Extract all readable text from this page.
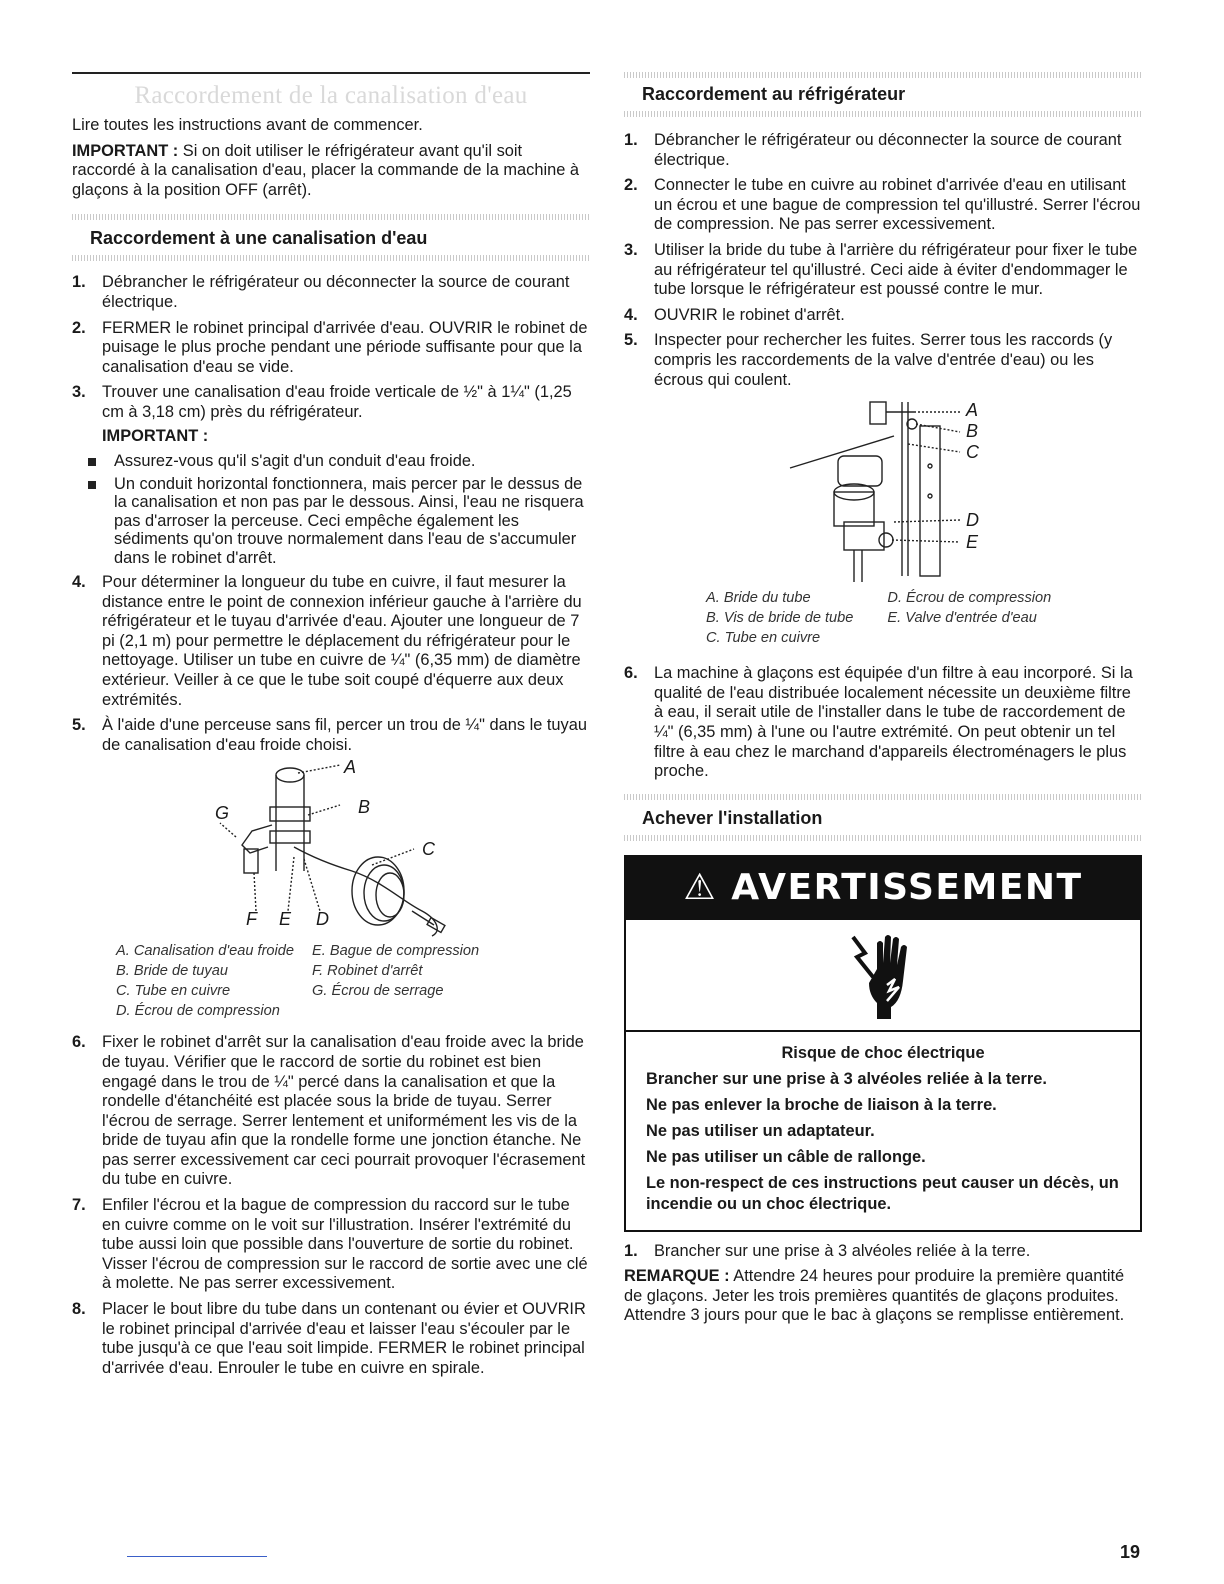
Raccordement de la canalisation d'eau

Lire toutes les instructions avant de commencer.

IMPORTANT : Si on doit utiliser le réfrigérateur avant qu'il soit raccordé à la canalisation d'eau, placer la commande de la machine à glaçons à la position OFF (arrêt).

Raccordement à une canalisation d'eau
1. Débrancher le réfrigérateur ou déconnecter la source de courant électrique.
2. FERMER le robinet principal d'arrivée d'eau. OUVRIR le robinet de puisage le plus proche pendant une période suffisante pour que la canalisation d'eau se vide.
3. Trouver une canalisation d'eau froide verticale de ½" à 1¼" (1,25 cm à 3,18 cm) près du réfrigérateur.
IMPORTANT :
Assurez-vous qu'il s'agit d'un conduit d'eau froide.
Un conduit horizontal fonctionnera, mais percer par le dessus de la canalisation et non pas par le dessous. Ainsi, l'eau ne risquera pas d'arroser la perceuse. Ceci empêche également les sédiments qu'on trouve normalement dans l'eau de s'accumuler dans le robinet d'arrêt.
4. Pour déterminer la longueur du tube en cuivre, il faut mesurer la distance entre le point de connexion inférieur gauche à l'arrière du réfrigérateur et le tuyau d'arrivée d'eau. Ajouter une longueur de 7 pi (2,1 m) pour permettre le déplacement du réfrigérateur pour le nettoyage. Utiliser un tube en cuivre de ¼" (6,35 mm) de diamètre extérieur. Veiller à ce que le tube soit coupé d'équerre aux deux extrémités.
5. À l'aide d'une perceuse sans fil, percer un trou de ¼" dans le tuyau de canalisation d'eau froide choisi.
A
B
C
G
F E D
A. Canalisation d'eau froide
B. Bride de tuyau
C. Tube en cuivre
D. Écrou de compression
E. Bague de compression
F. Robinet d'arrêt
G. Écrou de serrage
6. Fixer le robinet d'arrêt sur la canalisation d'eau froide avec la bride de tuyau. Vérifier que le raccord de sortie du robinet est bien engagé dans le trou de ¼" percé dans la canalisation et que la rondelle d'étanchéité est placée sous la bride de tuyau. Serrer l'écrou de serrage. Serrer lentement et uniformément les vis de la bride de tuyau afin que la rondelle forme une jonction étanche. Ne pas serrer excessivement car ceci pourrait provoquer l'écrasement du tube en cuivre.
7. Enfiler l'écrou et la bague de compression du raccord sur le tube en cuivre comme on le voit sur l'illustration. Insérer l'extrémité du tube aussi loin que possible dans l'ouverture de sortie du robinet. Visser l'écrou de compression sur le raccord de sortie avec une clé à molette. Ne pas serrer excessivement.
8. Placer le bout libre du tube dans un contenant ou évier et OUVRIR le robinet principal d'arrivée d'eau et laisser l'eau s'écouler par le tube jusqu'à ce que l'eau soit limpide. FERMER le robinet principal d'arrivée d'eau. Enrouler le tube en cuivre en spirale.
Raccordement au réfrigérateur
1. Débrancher le réfrigérateur ou déconnecter la source de courant électrique.
2. Connecter le tube en cuivre au robinet d'arrivée d'eau en utilisant un écrou et une bague de compression tel qu'illustré. Serrer l'écrou de compression. Ne pas serrer excessivement.
3. Utiliser la bride du tube à l'arrière du réfrigérateur pour fixer le tube au réfrigérateur tel qu'illustré. Ceci aide à éviter d'endommager le tube lorsque le réfrigérateur est poussé contre le mur.
4. OUVRIR le robinet d'arrêt.
5. Inspecter pour rechercher les fuites. Serrer tous les raccords (y compris les raccordements de la valve d'entrée d'eau) ou les écrous qui coulent.
A
B
C
D
E
A. Bride du tube
B. Vis de bride de tube
C. Tube en cuivre
D. Écrou de compression
E. Valve d'entrée d'eau
6. La machine à glaçons est équipée d'un filtre à eau incorporé. Si la qualité de l'eau distribuée localement nécessite un deuxième filtre à eau, il serait utile de l'installer dans le tube de raccordement de ¼" (6,35 mm) à l'une ou l'autre extrémité. On peut obtenir un tel filtre à eau chez le marchand d'appareils électroménagers le plus proche.
Achever l'installation
⚠ AVERTISSEMENT

Risque de choc électrique

Brancher sur une prise à 3 alvéoles reliée à la terre.

Ne pas enlever la broche de liaison à la terre.

Ne pas utiliser un adaptateur.

Ne pas utiliser un câble de rallonge.

Le non-respect de ces instructions peut causer un décès, un incendie ou un choc électrique.

1. Brancher sur une prise à 3 alvéoles reliée à la terre.

REMARQUE : Attendre 24 heures pour produire la première quantité de glaçons. Jeter les trois premières quantités de glaçons produites. Attendre 3 jours pour que le bac à glaçons se remplisse entièrement.

19
